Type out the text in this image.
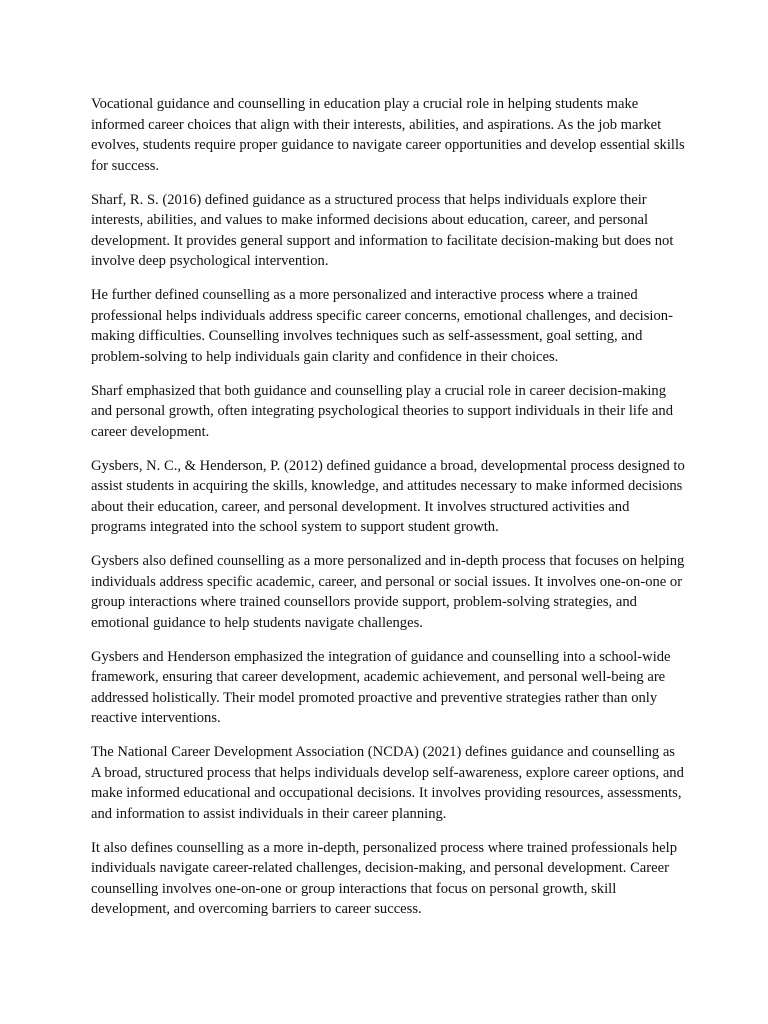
Vocational guidance and counselling in education play a crucial role in helping students make informed career choices that align with their interests, abilities, and aspirations. As the job market evolves, students require proper guidance to navigate career opportunities and develop essential skills for success.

Sharf, R. S. (2016) defined guidance as a structured process that helps individuals explore their interests, abilities, and values to make informed decisions about education, career, and personal development. It provides general support and information to facilitate decision-making but does not involve deep psychological intervention.

He further defined counselling as a more personalized and interactive process where a trained professional helps individuals address specific career concerns, emotional challenges, and decision-making difficulties. Counselling involves techniques such as self-assessment, goal setting, and problem-solving to help individuals gain clarity and confidence in their choices.

Sharf emphasized that both guidance and counselling play a crucial role in career decision-making and personal growth, often integrating psychological theories to support individuals in their life and career development.

Gysbers, N. C., & Henderson, P. (2012) defined guidance a broad, developmental process designed to assist students in acquiring the skills, knowledge, and attitudes necessary to make informed decisions about their education, career, and personal development. It involves structured activities and programs integrated into the school system to support student growth.

Gysbers also defined counselling as a more personalized and in-depth process that focuses on helping individuals address specific academic, career, and personal or social issues. It involves one-on-one or group interactions where trained counsellors provide support, problem-solving strategies, and emotional guidance to help students navigate challenges.

Gysbers and Henderson emphasized the integration of guidance and counselling into a school-wide framework, ensuring that career development, academic achievement, and personal well-being are addressed holistically. Their model promoted proactive and preventive strategies rather than only reactive interventions.

The National Career Development Association (NCDA) (2021) defines guidance and counselling as A broad, structured process that helps individuals develop self-awareness, explore career options, and make informed educational and occupational decisions. It involves providing resources, assessments, and information to assist individuals in their career planning.

It also defines counselling as a more in-depth, personalized process where trained professionals help individuals navigate career-related challenges, decision-making, and personal development. Career counselling involves one-on-one or group interactions that focus on personal growth, skill development, and overcoming barriers to career success.
